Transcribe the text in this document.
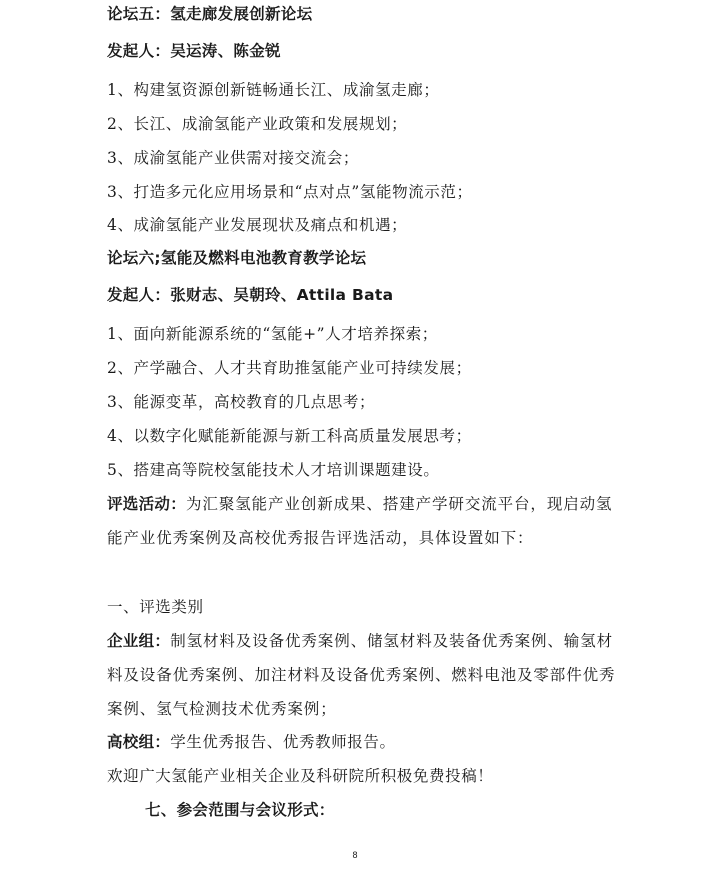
论坛五：氢走廊发展创新论坛
发起人：吴运涛、陈金锐
1、构建氢资源创新链畅通长江、成渝氢走廊；
2、长江、成渝氢能产业政策和发展规划；
3、成渝氢能产业供需对接交流会；
3、打造多元化应用场景和“点对点”氢能物流示范；
4、成渝氢能产业发展现状及痛点和机遇；
论坛六;氢能及燃料电池教育教学论坛
发起人：张财志、吴朝玲、Attila Bata
1、面向新能源系统的“氢能+”人才培养探索；
2、产学融合、人才共育助推氢能产业可持续发展；
3、能源变革，高校教育的几点思考；
4、以数字化赋能新能源与新工科高质量发展思考；
5、搭建高等院校氢能技术人才培训课题建设。
评选活动：为汇聚氢能产业创新成果、搭建产学研交流平台，现启动氢能产业优秀案例及高校优秀报告评选活动，具体设置如下：
一、评选类别
企业组：制氢材料及设备优秀案例、储氢材料及装备优秀案例、输氢材料及设备优秀案例、加注材料及设备优秀案例、燃料电池及零部件优秀案例、氢气检测技术优秀案例；
高校组：学生优秀报告、优秀教师报告。
欢迎广大氢能产业相关企业及科研院所积极免费投稿！
七、参会范围与会议形式：
8
